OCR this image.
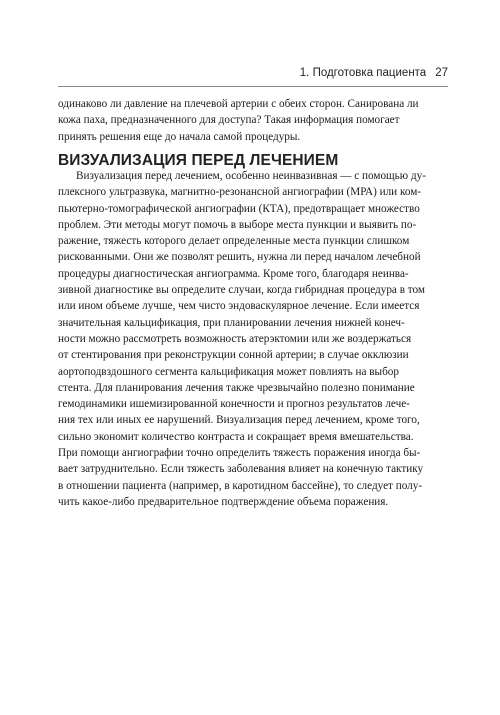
1. Подготовка пациента 27
одинаково ли давление на плечевой артерии с обеих сторон. Санирована ли
кожа паха, предназначенного для доступа? Такая информация помогает
принять решения еще до начала самой процедуры.
ВИЗУАЛИЗАЦИЯ ПЕРЕД ЛЕЧЕНИЕМ
Визуализация перед лечением, особенно неинвазивная — с помощью ду-
плексного ультразвука, магнитно-резонансной ангиографии (МРА) или ком-
пьютерно-томографической ангиографии (КТА), предотвращает множество
проблем. Эти методы могут помочь в выборе места пункции и выявить по-
ражение, тяжесть которого делает определенные места пункции слишком
рискованными. Они же позволят решить, нужна ли перед началом лечебной
процедуры диагностическая ангиограмма. Кроме того, благодаря неинва-
зивной диагностике вы определите случаи, когда гибридная процедура в том
или ином объеме лучше, чем чисто эндоваскулярное лечение. Если имеется
значительная кальцификация, при планировании лечения нижней конеч-
ности можно рассмотреть возможность атерэктомии или же воздержаться
от стентирования при реконструкции сонной артерии; в случае окклюзии
аортоподвздошного сегмента кальцификация может повлиять на выбор
стента. Для планирования лечения также чрезвычайно полезно понимание
гемодинамики ишемизированной конечности и прогноз результатов лече-
ния тех или иных ее нарушений. Визуализация перед лечением, кроме того,
сильно экономит количество контраста и сокращает время вмешательства.
При помощи ангиографии точно определить тяжесть поражения иногда бы-
вает затруднительно. Если тяжесть заболевания влияет на конечную тактику
в отношении пациента (например, в каротидном бассейне), то следует полу-
чить какое-либо предварительное подтверждение объема поражения.
